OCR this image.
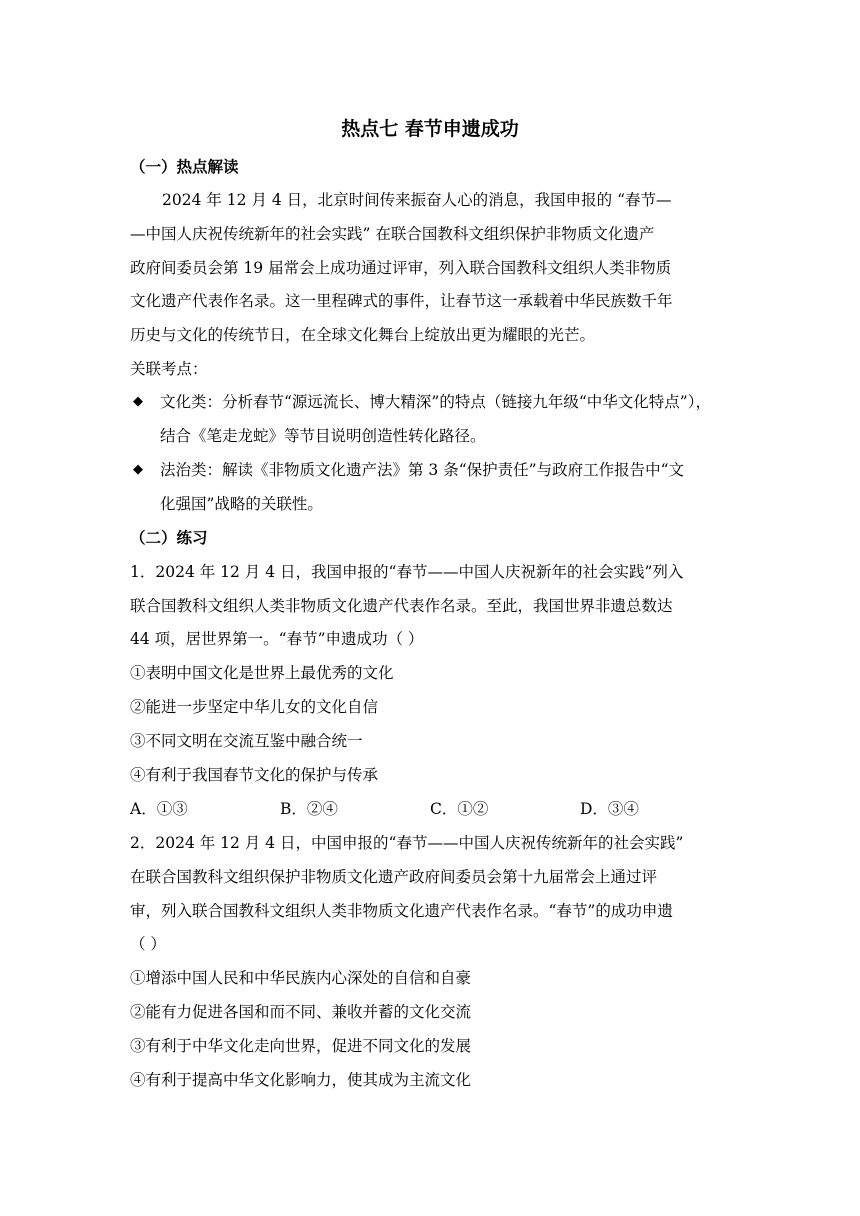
热点七 春节申遗成功
（一）热点解读
2024 年 12 月 4 日，北京时间传来振奋人心的消息，我国申报的 “春节—
—中国人庆祝传统新年的社会实践” 在联合国教科文组织保护非物质文化遗产
政府间委员会第 19 届常会上成功通过评审，列入联合国教科文组织人类非物质
文化遗产代表作名录。这一里程碑式的事件，让春节这一承载着中华民族数千年
历史与文化的传统节日，在全球文化舞台上绽放出更为耀眼的光芒。
关联考点：
◆ 文化类：分析春节“源远流长、博大精深”的特点（链接九年级“中华文化特点”），
结合《笔走龙蛇》等节目说明创造性转化路径。
◆ 法治类：解读《非物质文化遗产法》第 3 条“保护责任”与政府工作报告中“文
化强国”战略的关联性。
（二）练习
1．2024 年 12 月 4 日，我国申报的“春节——中国人庆祝新年的社会实践”列入
联合国教科文组织人类非物质文化遗产代表作名录。至此，我国世界非遗总数达
44 项，居世界第一。“春节”申遗成功（ ）
①表明中国文化是世界上最优秀的文化
②能进一步坚定中华儿女的文化自信
③不同文明在交流互鉴中融合统一
④有利于我国春节文化的保护与传承
A．①③	B．②④	C．①②	D．③④
2．2024 年 12 月 4 日，中国申报的“春节——中国人庆祝传统新年的社会实践”
在联合国教科文组织保护非物质文化遗产政府间委员会第十九届常会上通过评
审，列入联合国教科文组织人类非物质文化遗产代表作名录。“春节”的成功申遗
（ ）
①增添中国人民和中华民族内心深处的自信和自豪
②能有力促进各国和而不同、兼收并蓄的文化交流
③有利于中华文化走向世界，促进不同文化的发展
④有利于提高中华文化影响力，使其成为主流文化
